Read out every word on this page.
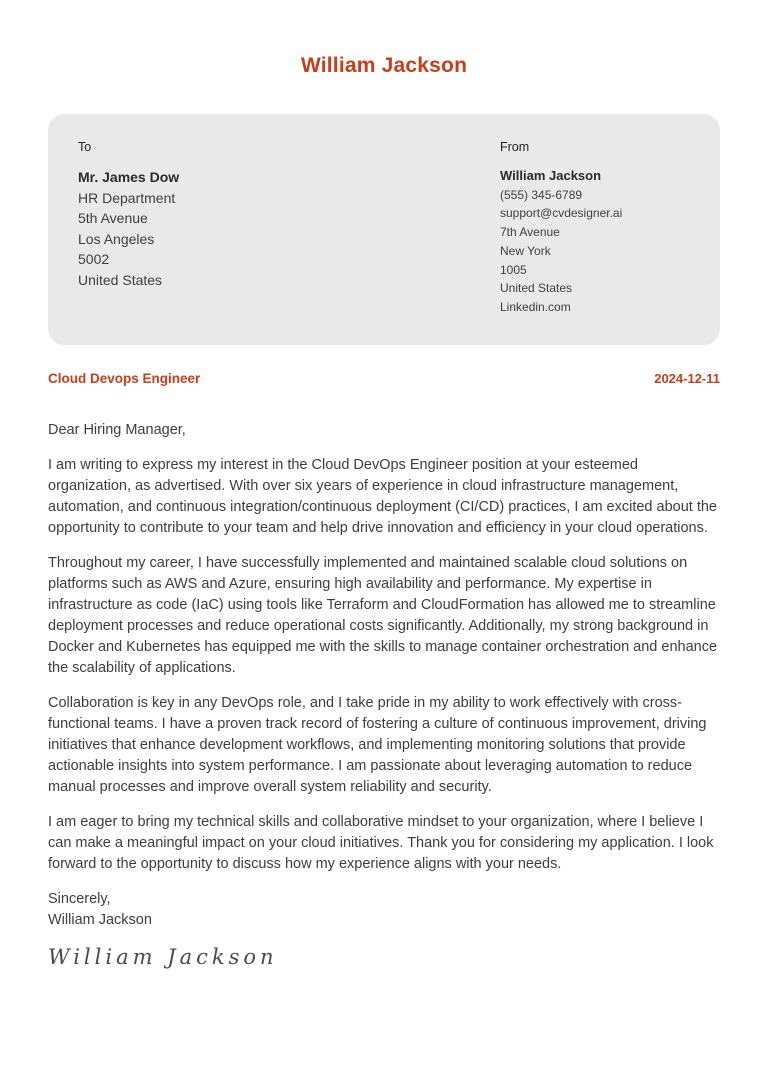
William Jackson
To
Mr. James Dow
HR Department
5th Avenue
Los Angeles
5002
United States
From
William Jackson
(555) 345-6789
support@cvdesigner.ai
7th Avenue
New York
1005
United States
Linkedin.com
Cloud Devops Engineer	2024-12-11

Dear Hiring Manager,

I am writing to express my interest in the Cloud DevOps Engineer position at your esteemed organization, as advertised. With over six years of experience in cloud infrastructure management, automation, and continuous integration/continuous deployment (CI/CD) practices, I am excited about the opportunity to contribute to your team and help drive innovation and efficiency in your cloud operations.

Throughout my career, I have successfully implemented and maintained scalable cloud solutions on platforms such as AWS and Azure, ensuring high availability and performance. My expertise in infrastructure as code (IaC) using tools like Terraform and CloudFormation has allowed me to streamline deployment processes and reduce operational costs significantly. Additionally, my strong background in Docker and Kubernetes has equipped me with the skills to manage container orchestration and enhance the scalability of applications.

Collaboration is key in any DevOps role, and I take pride in my ability to work effectively with cross-functional teams. I have a proven track record of fostering a culture of continuous improvement, driving initiatives that enhance development workflows, and implementing monitoring solutions that provide actionable insights into system performance. I am passionate about leveraging automation to reduce manual processes and improve overall system reliability and security.

I am eager to bring my technical skills and collaborative mindset to your organization, where I believe I can make a meaningful impact on your cloud initiatives. Thank you for considering my application. I look forward to the opportunity to discuss how my experience aligns with your needs.

Sincerely,
William Jackson
William Jackson
